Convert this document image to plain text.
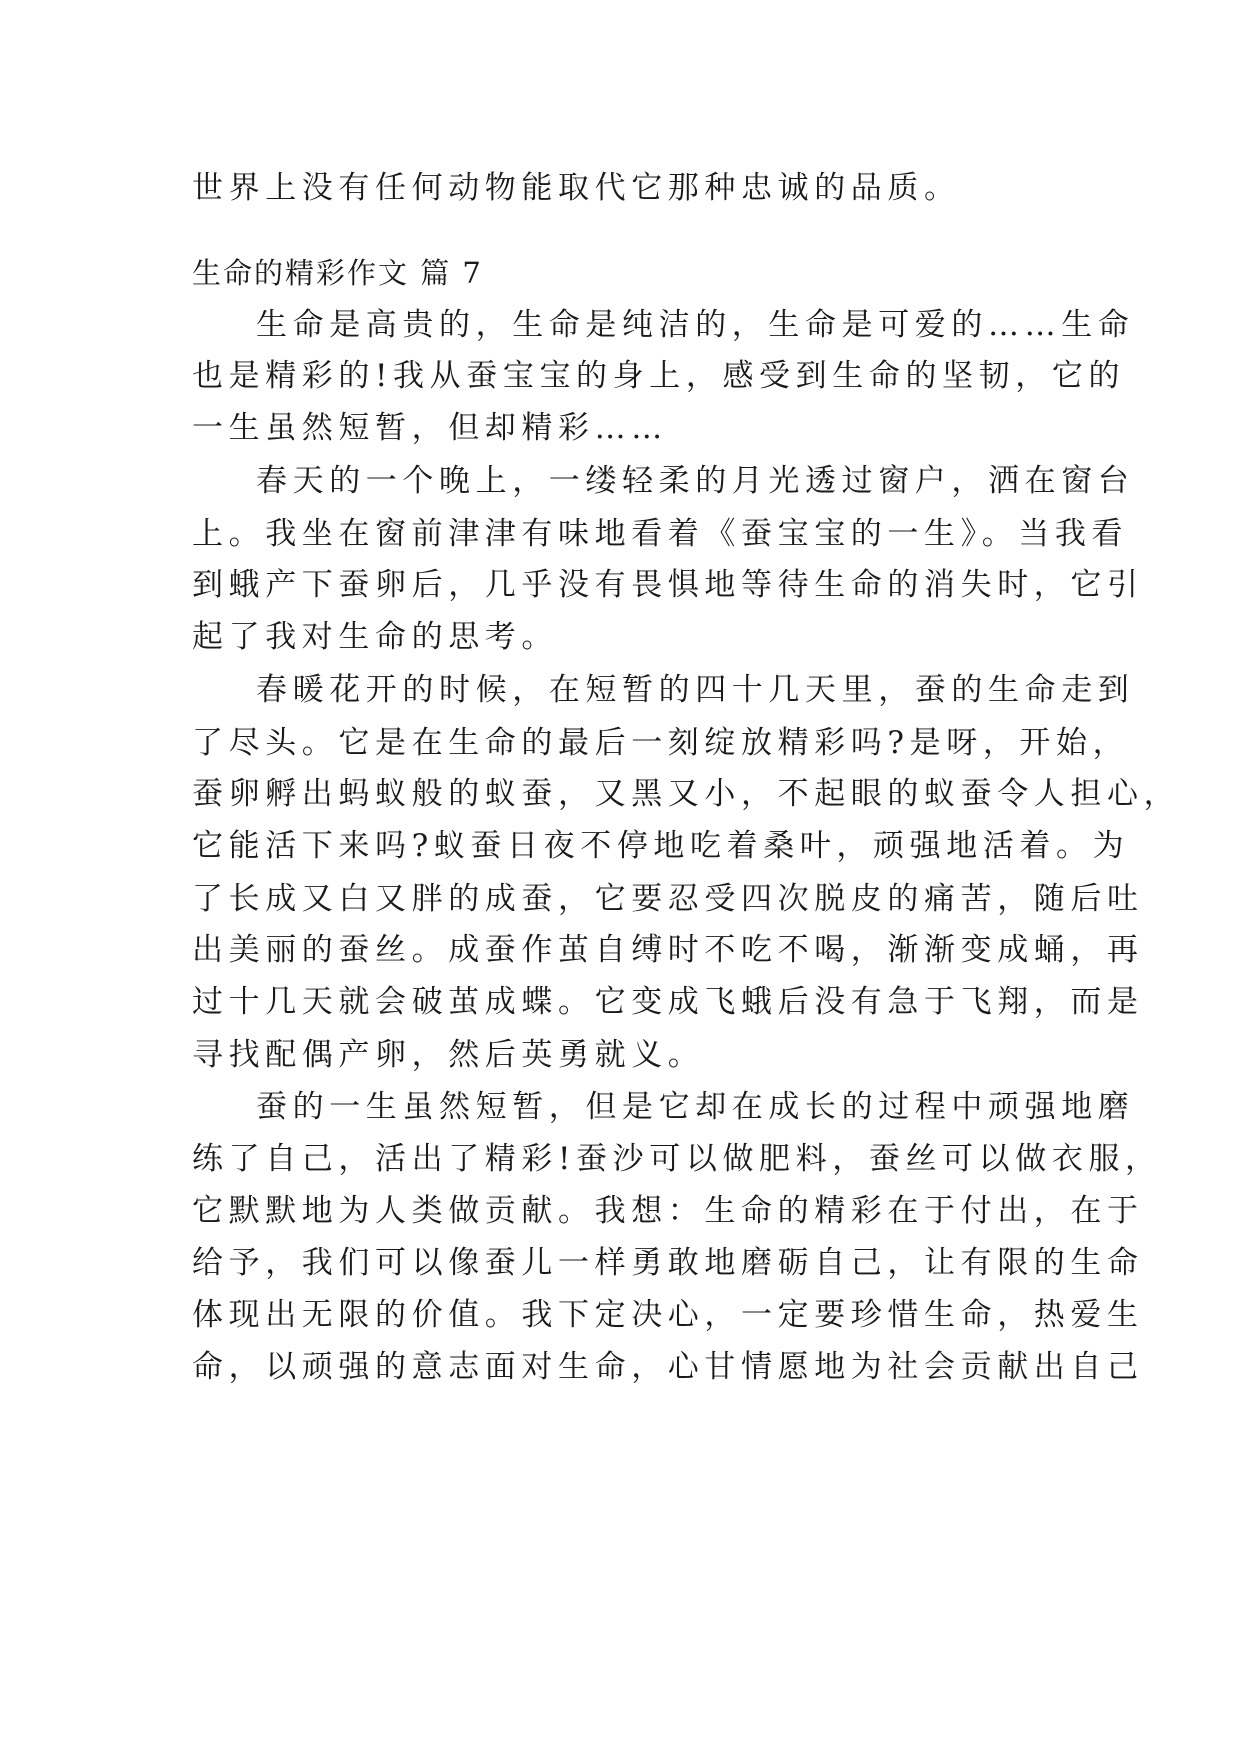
世界上没有任何动物能取代它那种忠诚的品质。
生命的精彩作文 篇 7
生命是高贵的，生命是纯洁的，生命是可爱的……生命
也是精彩的!我从蚕宝宝的身上，感受到生命的坚韧，它的
一生虽然短暂，但却精彩……
春天的一个晚上，一缕轻柔的月光透过窗户，洒在窗台
上。我坐在窗前津津有味地看着《蚕宝宝的一生》。当我看
到蛾产下蚕卵后，几乎没有畏惧地等待生命的消失时，它引
起了我对生命的思考。
春暖花开的时候，在短暂的四十几天里，蚕的生命走到
了尽头。它是在生命的最后一刻绽放精彩吗?是呀，开始，
蚕卵孵出蚂蚁般的蚁蚕，又黑又小，不起眼的蚁蚕令人担心，
它能活下来吗?蚁蚕日夜不停地吃着桑叶，顽强地活着。为
了长成又白又胖的成蚕，它要忍受四次脱皮的痛苦，随后吐
出美丽的蚕丝。成蚕作茧自缚时不吃不喝，渐渐变成蛹，再
过十几天就会破茧成蝶。它变成飞蛾后没有急于飞翔，而是
寻找配偶产卵，然后英勇就义。
蚕的一生虽然短暂，但是它却在成长的过程中顽强地磨
练了自己，活出了精彩!蚕沙可以做肥料，蚕丝可以做衣服，
它默默地为人类做贡献。我想：生命的精彩在于付出，在于
给予，我们可以像蚕儿一样勇敢地磨砺自己，让有限的生命
体现出无限的价值。我下定决心，一定要珍惜生命，热爱生
命，以顽强的意志面对生命，心甘情愿地为社会贡献出自己
